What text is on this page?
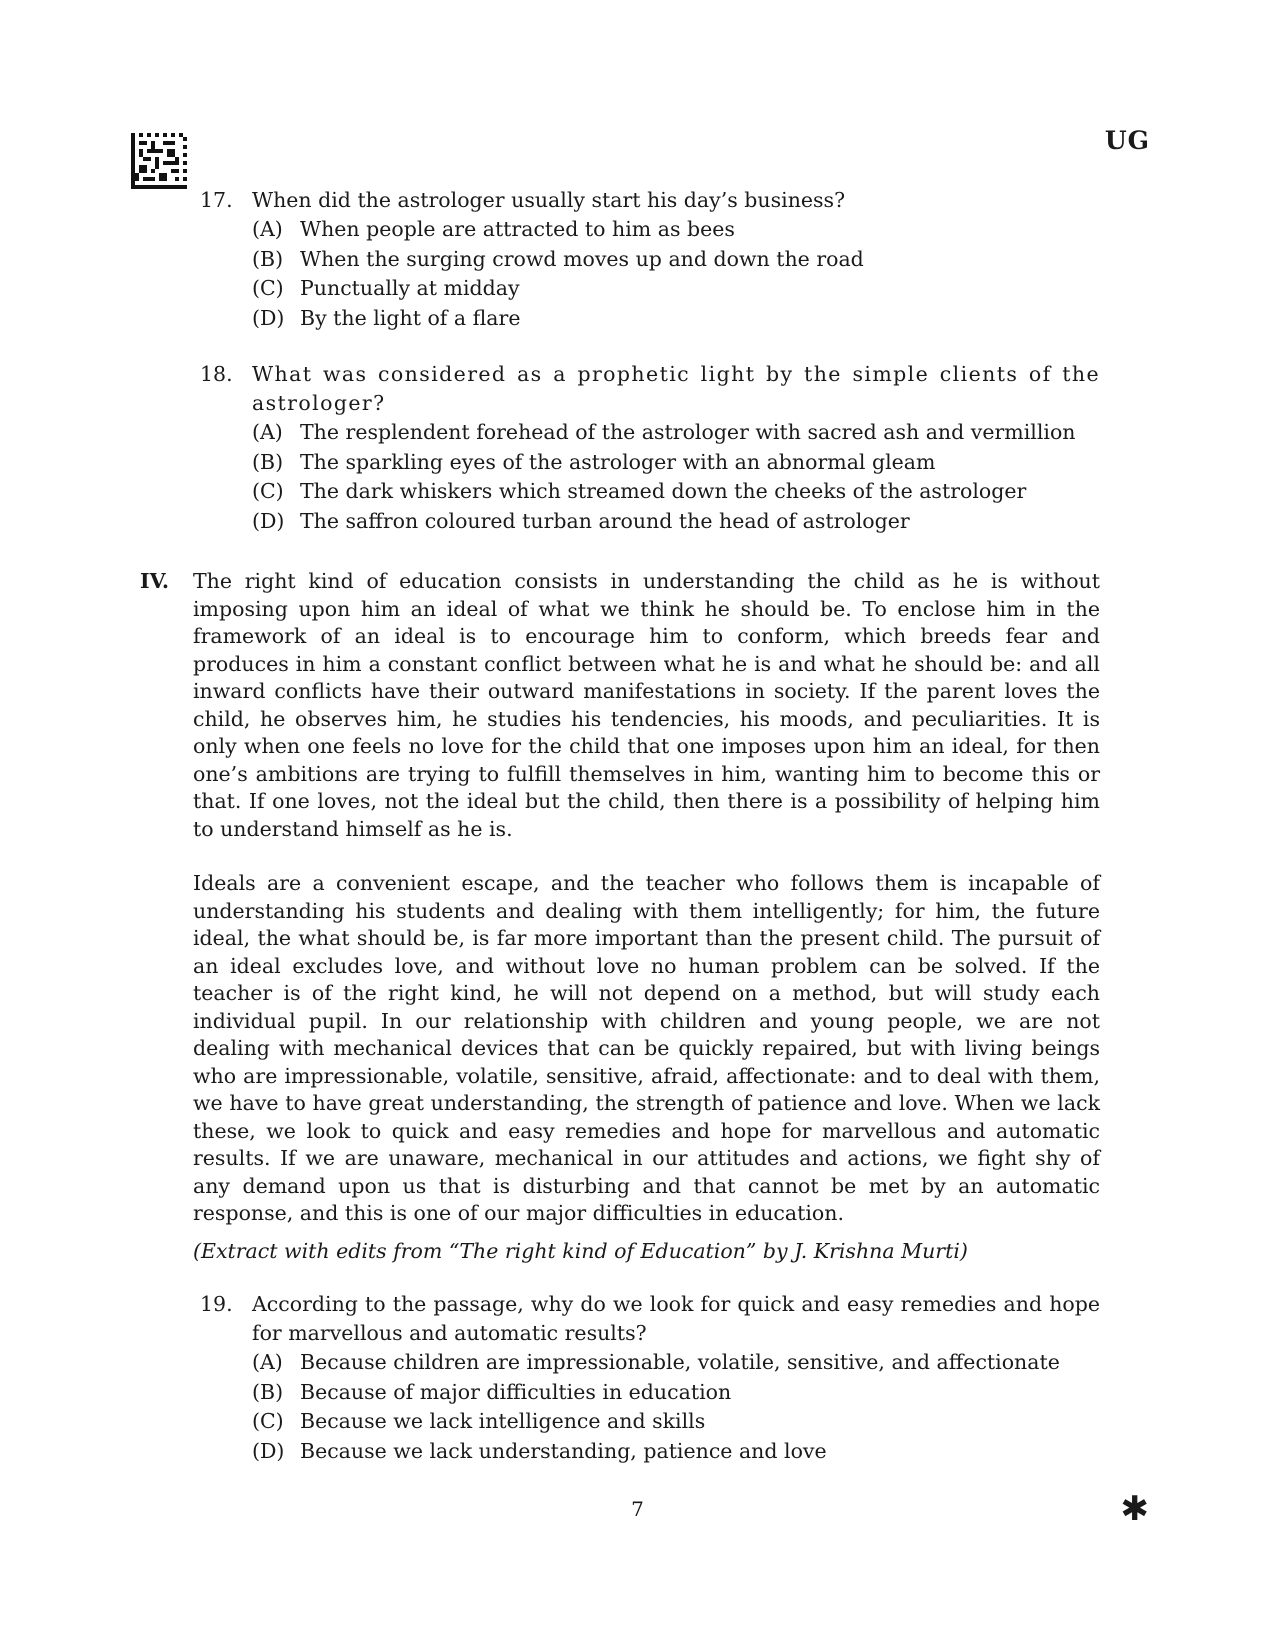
UG
17. When did the astrologer usually start his day’s business?
(A) When people are attracted to him as bees
(B) When the surging crowd moves up and down the road
(C) Punctually at midday
(D) By the light of a flare
18. What was considered as a prophetic light by the simple clients of the astrologer?
(A) The resplendent forehead of the astrologer with sacred ash and vermillion
(B) The sparkling eyes of the astrologer with an abnormal gleam
(C) The dark whiskers which streamed down the cheeks of the astrologer
(D) The saffron coloured turban around the head of astrologer
IV. The right kind of education consists in understanding the child as he is without imposing upon him an ideal of what we think he should be. To enclose him in the framework of an ideal is to encourage him to conform, which breeds fear and produces in him a constant conflict between what he is and what he should be: and all inward conflicts have their outward manifestations in society. If the parent loves the child, he observes him, he studies his tendencies, his moods, and peculiarities. It is only when one feels no love for the child that one imposes upon him an ideal, for then one’s ambitions are trying to fulfill themselves in him, wanting him to become this or that. If one loves, not the ideal but the child, then there is a possibility of helping him to understand himself as he is.

Ideals are a convenient escape, and the teacher who follows them is incapable of understanding his students and dealing with them intelligently; for him, the future ideal, the what should be, is far more important than the present child. The pursuit of an ideal excludes love, and without love no human problem can be solved. If the teacher is of the right kind, he will not depend on a method, but will study each individual pupil. In our relationship with children and young people, we are not dealing with mechanical devices that can be quickly repaired, but with living beings who are impressionable, volatile, sensitive, afraid, affectionate: and to deal with them, we have to have great understanding, the strength of patience and love. When we lack these, we look to quick and easy remedies and hope for marvellous and automatic results. If we are unaware, mechanical in our attitudes and actions, we fight shy of any demand upon us that is disturbing and that cannot be met by an automatic response, and this is one of our major difficulties in education.

(Extract with edits from “The right kind of Education” by J. Krishna Murti)

19. According to the passage, why do we look for quick and easy remedies and hope for marvellous and automatic results?
(A) Because children are impressionable, volatile, sensitive, and affectionate
(B) Because of major difficulties in education
(C) Because we lack intelligence and skills
(D) Because we lack understanding, patience and love
7	✱
